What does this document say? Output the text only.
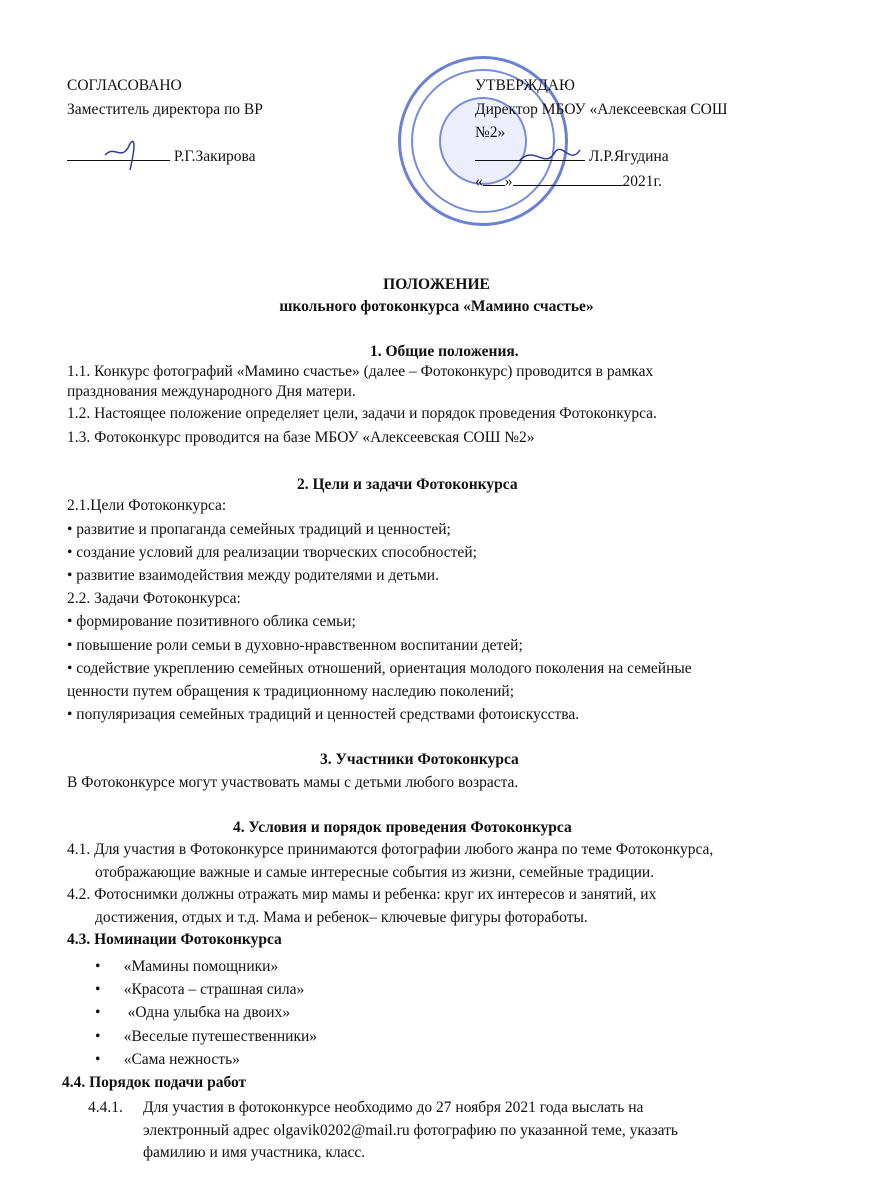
СОГЛАСОВАНО
Заместитель директора по ВР
Р.Г.Закирова
УТВЕРЖДАЮ
Директор МБОУ «Алексеевская СОШ
№2»
Л.Р.Ягудина
« »	2021г.
ПОЛОЖЕНИЕ
школьного фотоконкурса «Мамино счастье»
1. Общие положения.
1.1. Конкурс фотографий «Мамино счастье» (далее – Фотоконкурс) проводится в рамках
празднования международного Дня матери.
1.2. Настоящее положение определяет цели, задачи и порядок проведения Фотоконкурса.
1.3. Фотоконкурс проводится на базе МБОУ «Алексеевская СОШ №2»
2. Цели и задачи Фотоконкурса
2.1.Цели Фотоконкурса:
• развитие и пропаганда семейных традиций и ценностей;
• создание условий для реализации творческих способностей;
• развитие взаимодействия между родителями и детьми.
2.2. Задачи Фотоконкурса:
• формирование позитивного облика семьи;
• повышение роли семьи в духовно-нравственном воспитании детей;
• содействие укреплению семейных отношений, ориентация молодого поколения на семейные
ценности путем обращения к традиционному наследию поколений;
• популяризация семейных традиций и ценностей средствами фотоискусства.
3. Участники Фотоконкурса
В Фотоконкурсе могут участвовать мамы с детьми любого возраста.
4. Условия и порядок проведения Фотоконкурса
4.1. Для участия в Фотоконкурсе принимаются фотографии любого жанра по теме Фотоконкурса,
отображающие важные и самые интересные события из жизни, семейные традиции.
4.2. Фотоснимки должны отражать мир мамы и ребенка: круг их интересов и занятий, их
достижения, отдых и т.д. Мама и ребенок– ключевые фигуры фоторaботы.
4.3. Номинации Фотоконкурса
•      «Мамины помощники»
•      «Красота – страшная сила»
•       «Одна улыбка на двоих»
•      «Веселые путешественники»
•      «Сама нежность»
4.4. Порядок подачи работ
4.4.1. Для участия в фотоконкурсе необходимо до 27 ноября 2021 года выслать на
электронный адрес olgavik0202@mail.ru фотографию по указанной теме, указать
фамилию и имя участника, класс.
